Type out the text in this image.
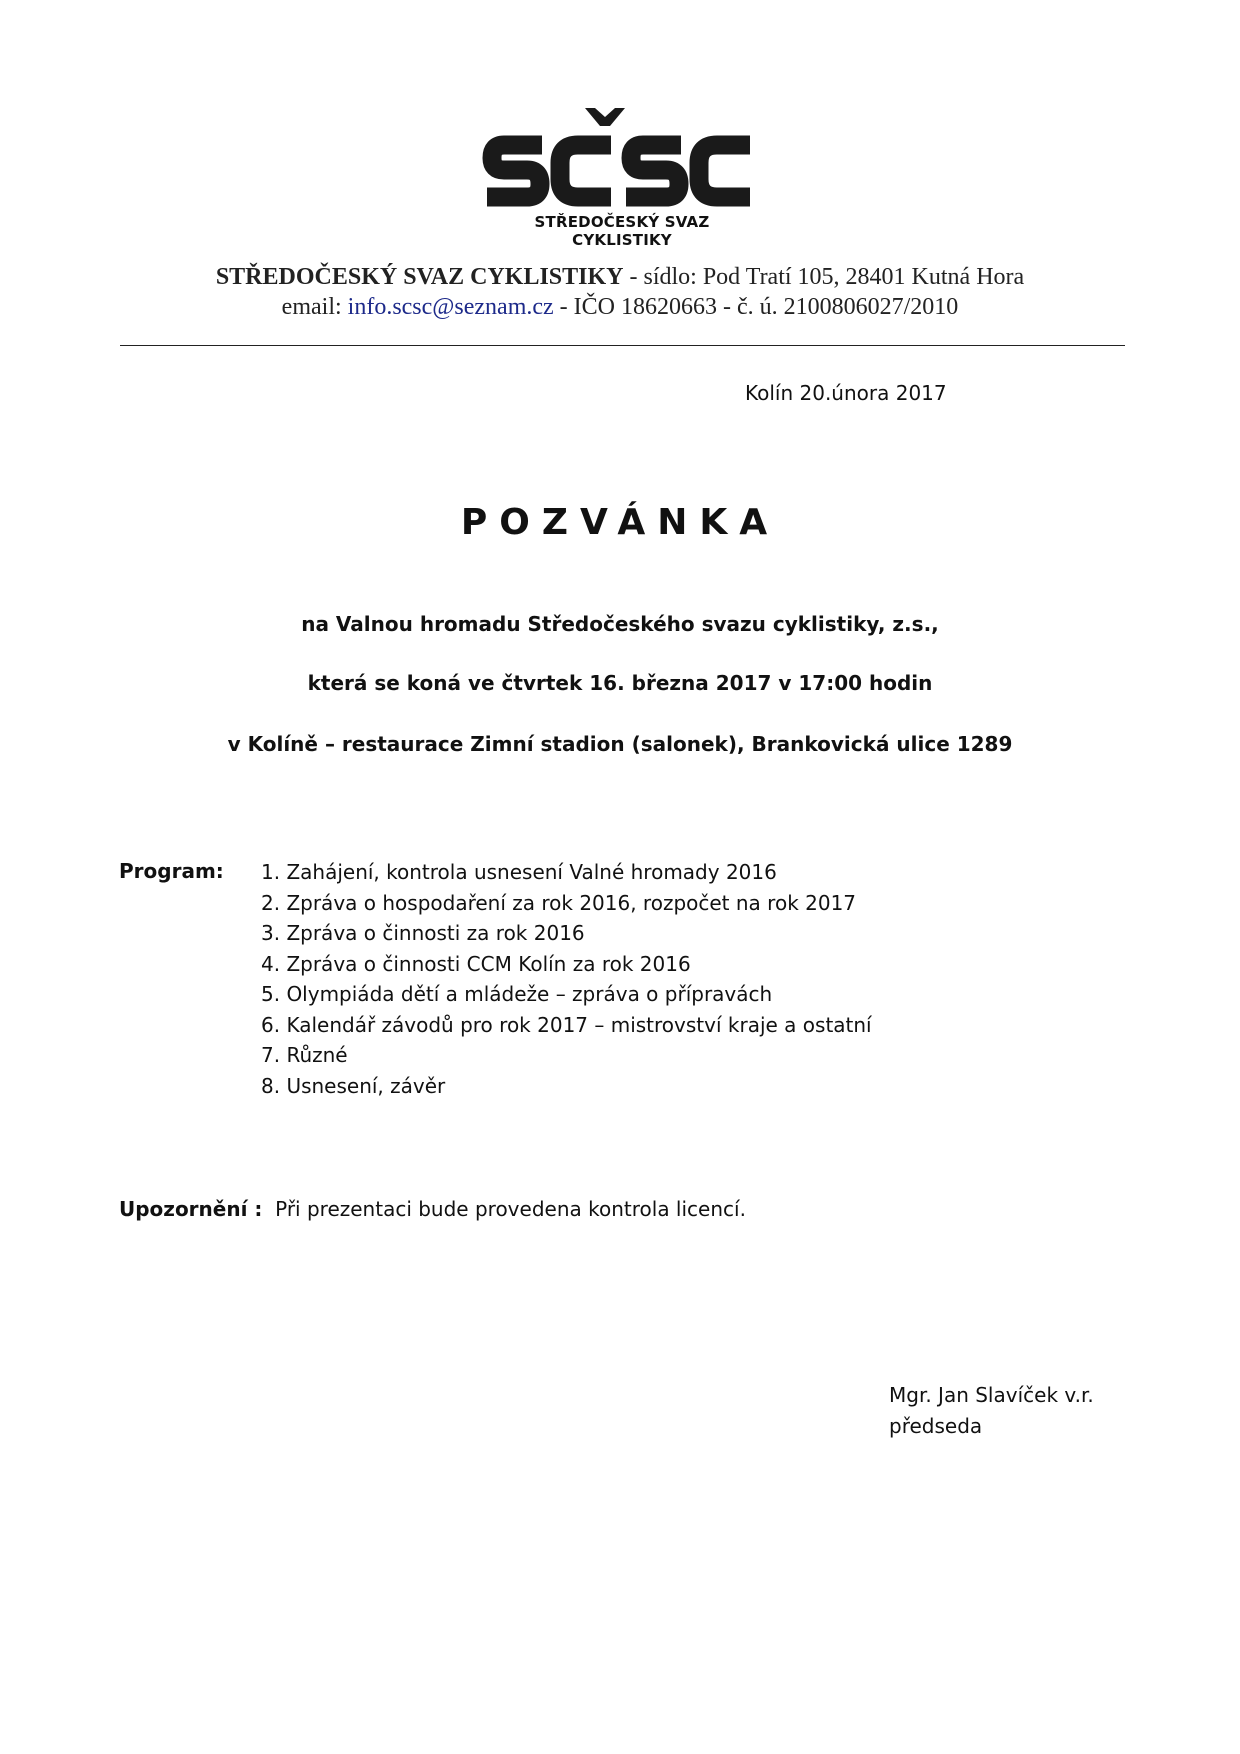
STŘEDOČESKÝ SVAZ CYKLISTIKY
STŘEDOČESKÝ SVAZ CYKLISTIKY - sídlo: Pod Tratí 105, 28401 Kutná Hora
email: info.scsc@seznam.cz - IČO 18620663 - č. ú. 2100806027/2010
Kolín 20.února 2017
POZVÁNKA
na Valnou hromadu Středočeského svazu cyklistiky, z.s.,
která se koná ve čtvrtek 16. března 2017 v 17:00 hodin
v Kolíně – restaurace Zimní stadion (salonek), Brankovická ulice 1289
Program: 1. Zahájení, kontrola usnesení Valné hromady 2016
2. Zpráva o hospodaření za rok 2016, rozpočet na rok 2017
3. Zpráva o činnosti za rok 2016
4. Zpráva o činnosti CCM Kolín za rok 2016
5. Olympiáda dětí a mládeže – zpráva o přípravách
6. Kalendář závodů pro rok 2017 – mistrovství kraje a ostatní
7. Různé
8. Usnesení, závěr
Upozornění : Při prezentaci bude provedena kontrola licencí.
Mgr. Jan Slavíček v.r.
předseda
